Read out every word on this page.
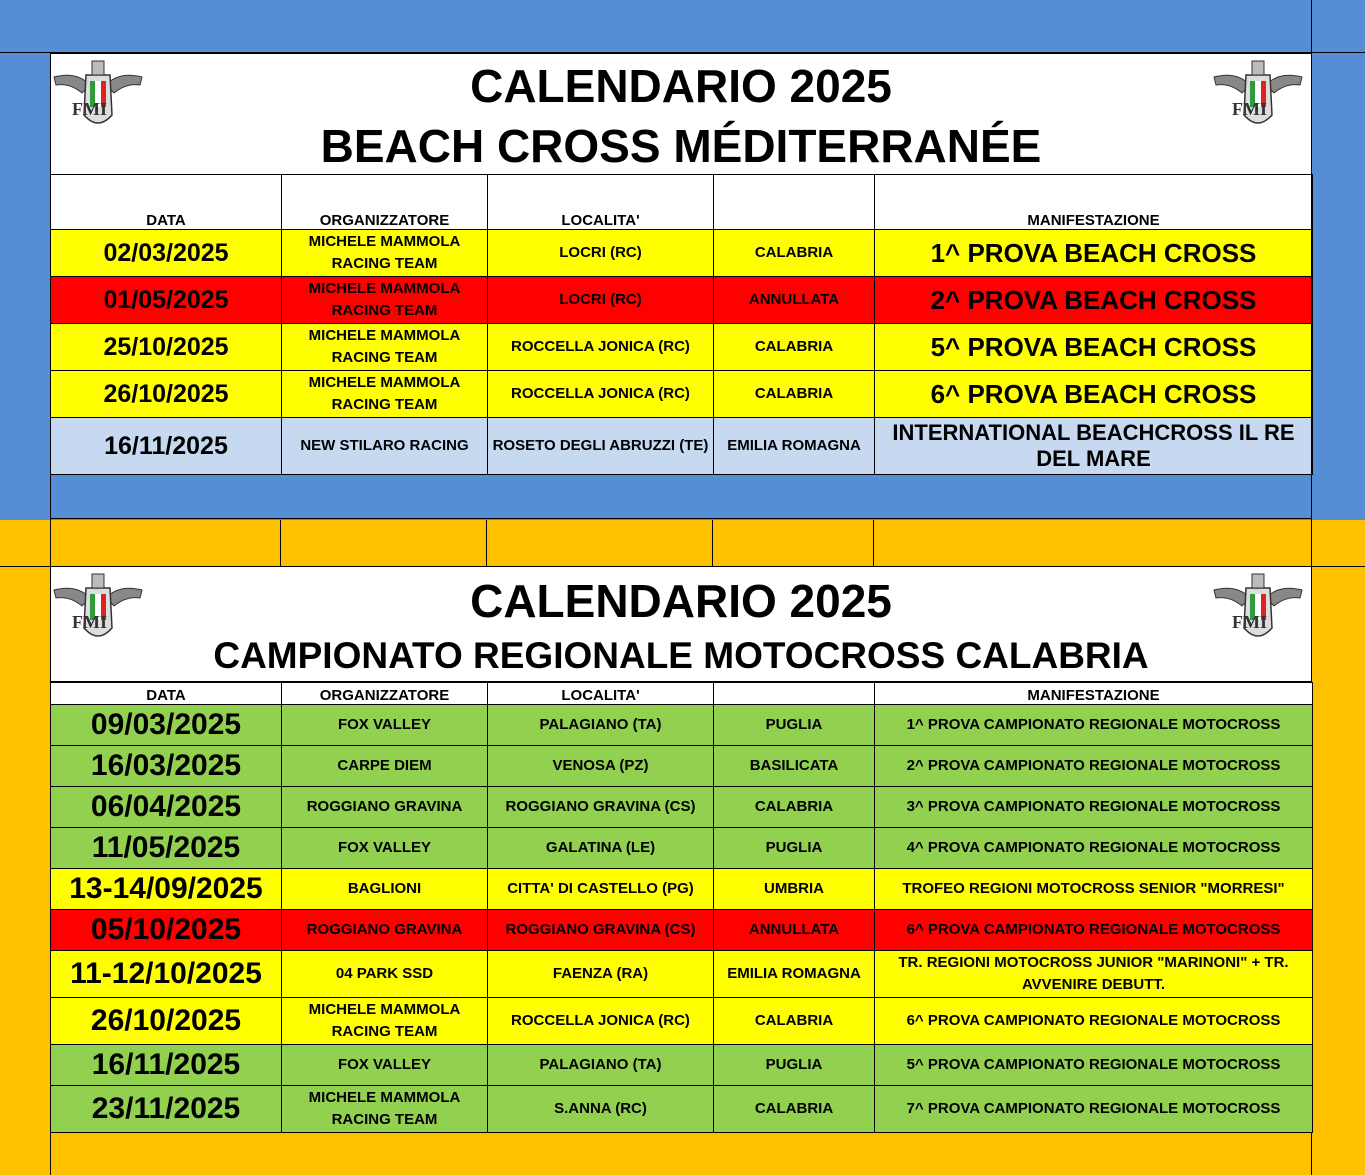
CALENDARIO 2025
BEACH CROSS MÉDITERRANÉE
FMI	FMI
DATA	ORGANIZZATORE	LOCALITA'		MANIFESTAZIONE
02/03/2025	MICHELE MAMMOLA RACING TEAM	LOCRI (RC)	CALABRIA	1^ PROVA BEACH CROSS
01/05/2025	MICHELE MAMMOLA RACING TEAM	LOCRI (RC)	ANNULLATA	2^ PROVA BEACH CROSS
25/10/2025	MICHELE MAMMOLA RACING TEAM	ROCCELLA JONICA (RC)	CALABRIA	5^ PROVA BEACH CROSS
26/10/2025	MICHELE MAMMOLA RACING TEAM	ROCCELLA JONICA (RC)	CALABRIA	6^ PROVA BEACH CROSS
16/11/2025	NEW STILARO RACING	ROSETO DEGLI ABRUZZI (TE)	EMILIA ROMAGNA	INTERNATIONAL BEACHCROSS IL RE DEL MARE
CALENDARIO 2025
CAMPIONATO REGIONALE MOTOCROSS CALABRIA
FMI	FMI
DATA	ORGANIZZATORE	LOCALITA'		MANIFESTAZIONE
09/03/2025	FOX VALLEY	PALAGIANO (TA)	PUGLIA	1^ PROVA CAMPIONATO REGIONALE MOTOCROSS
16/03/2025	CARPE DIEM	VENOSA (PZ)	BASILICATA	2^ PROVA CAMPIONATO REGIONALE MOTOCROSS
06/04/2025	ROGGIANO GRAVINA	ROGGIANO GRAVINA (CS)	CALABRIA	3^ PROVA CAMPIONATO REGIONALE MOTOCROSS
11/05/2025	FOX VALLEY	GALATINA (LE)	PUGLIA	4^ PROVA CAMPIONATO REGIONALE MOTOCROSS
13-14/09/2025	BAGLIONI	CITTA' DI CASTELLO (PG)	UMBRIA	TROFEO REGIONI MOTOCROSS SENIOR "MORRESI"
05/10/2025	ROGGIANO GRAVINA	ROGGIANO GRAVINA (CS)	ANNULLATA	6^ PROVA CAMPIONATO REGIONALE MOTOCROSS
11-12/10/2025	04 PARK SSD	FAENZA (RA)	EMILIA ROMAGNA	TR. REGIONI MOTOCROSS JUNIOR "MARINONI" + TR. AVVENIRE DEBUTT.
26/10/2025	MICHELE MAMMOLA RACING TEAM	ROCCELLA JONICA (RC)	CALABRIA	6^ PROVA CAMPIONATO REGIONALE MOTOCROSS
16/11/2025	FOX VALLEY	PALAGIANO (TA)	PUGLIA	5^ PROVA CAMPIONATO REGIONALE MOTOCROSS
23/11/2025	MICHELE MAMMOLA RACING TEAM	S.ANNA (RC)	CALABRIA	7^ PROVA CAMPIONATO REGIONALE MOTOCROSS
